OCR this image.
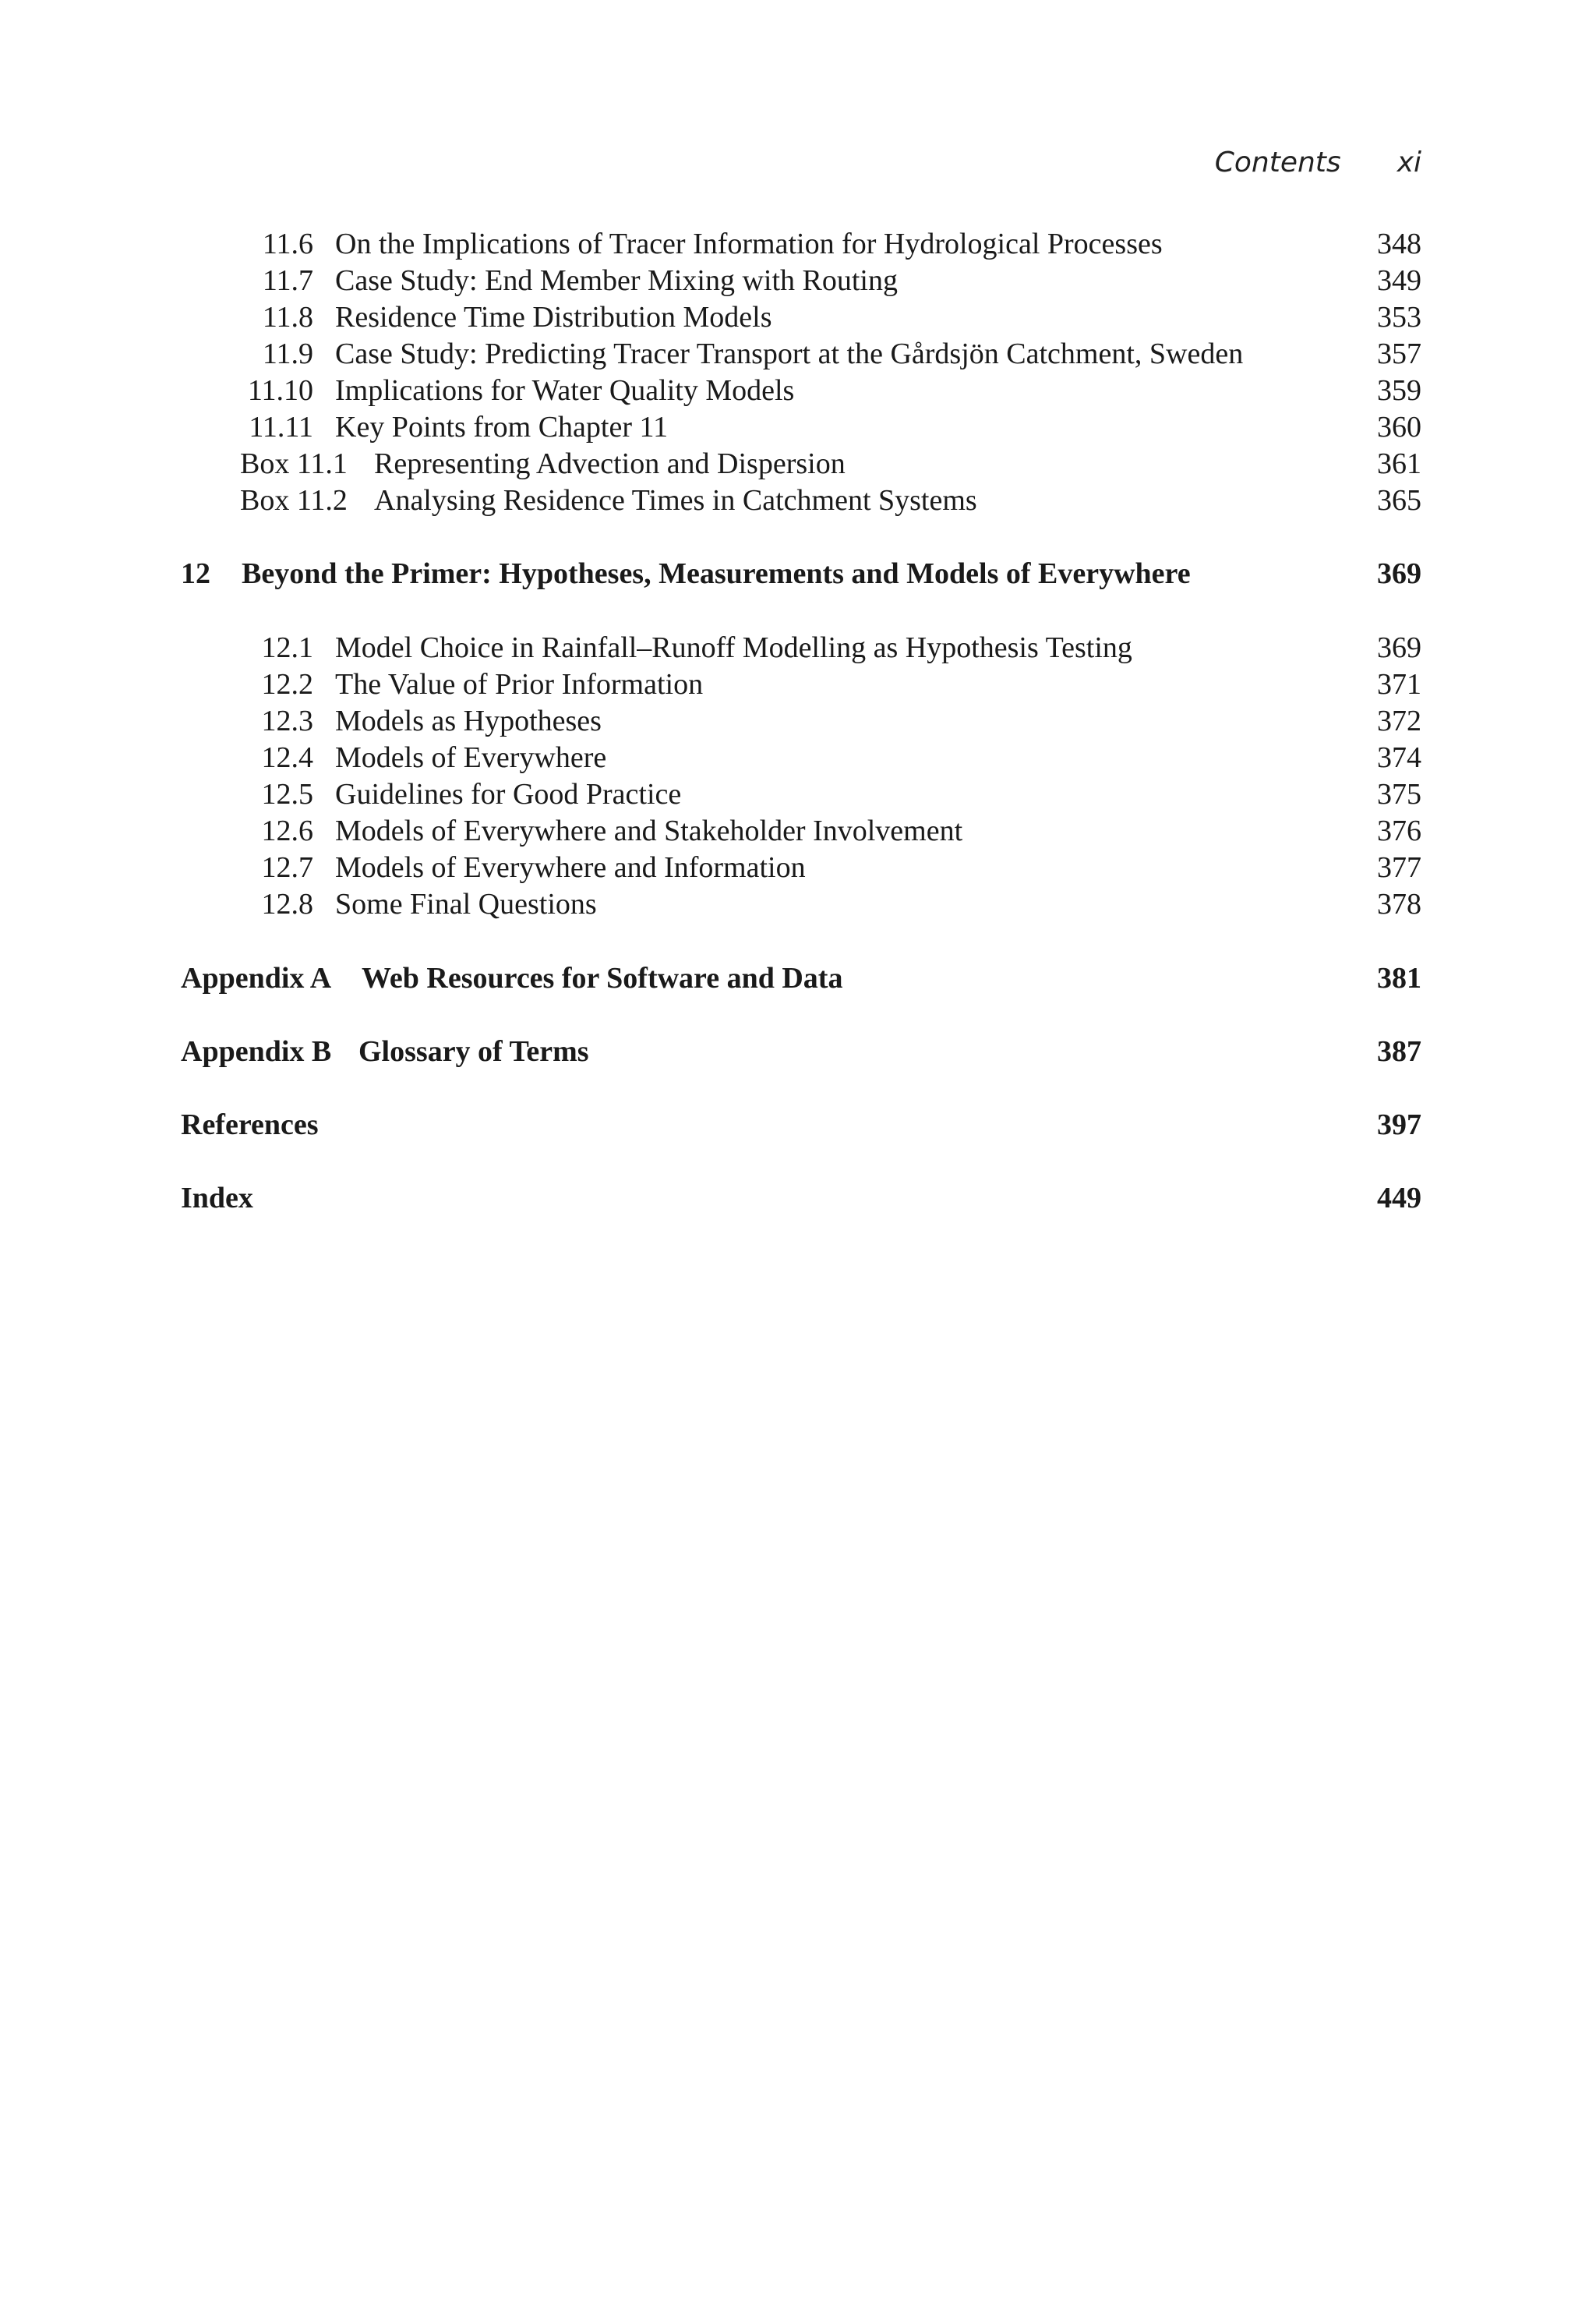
Contents xi
11.6 On the Implications of Tracer Information for Hydrological Processes	348
11.7 Case Study: End Member Mixing with Routing	349
11.8 Residence Time Distribution Models	353
11.9 Case Study: Predicting Tracer Transport at the Gårdsjön Catchment, Sweden	357
11.10 Implications for Water Quality Models	359
11.11 Key Points from Chapter 11	360
Box 11.1 Representing Advection and Dispersion	361
Box 11.2 Analysing Residence Times in Catchment Systems	365
12 Beyond the Primer: Hypotheses, Measurements and Models of Everywhere	369
12.1 Model Choice in Rainfall–Runoff Modelling as Hypothesis Testing	369
12.2 The Value of Prior Information	371
12.3 Models as Hypotheses	372
12.4 Models of Everywhere	374
12.5 Guidelines for Good Practice	375
12.6 Models of Everywhere and Stakeholder Involvement	376
12.7 Models of Everywhere and Information	377
12.8 Some Final Questions	378
Appendix A Web Resources for Software and Data	381
Appendix B Glossary of Terms	387
References	397
Index	449
